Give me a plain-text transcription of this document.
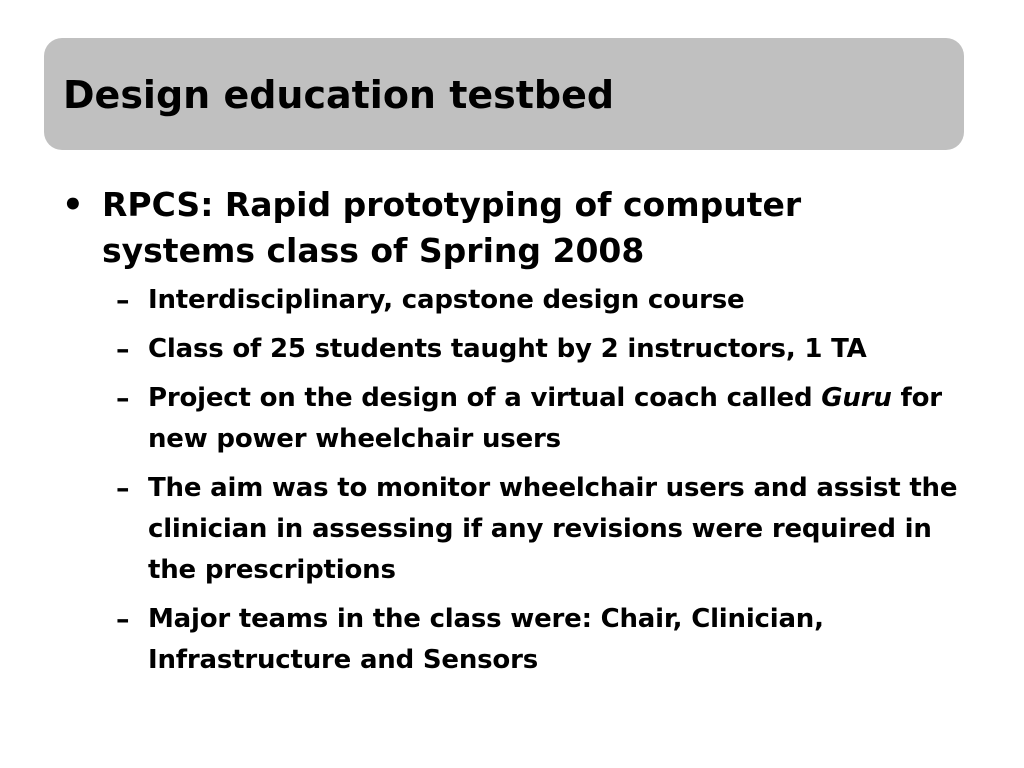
Design education testbed
• RPCS: Rapid prototyping of computer systems class of Spring 2008
– Interdisciplinary, capstone design course
– Class of 25 students taught by 2 instructors, 1 TA
– Project on the design of a virtual coach called Guru for new power wheelchair users
– The aim was to monitor wheelchair users and assist the clinician in assessing if any revisions were required in the prescriptions
– Major teams in the class were: Chair, Clinician, Infrastructure and Sensors
